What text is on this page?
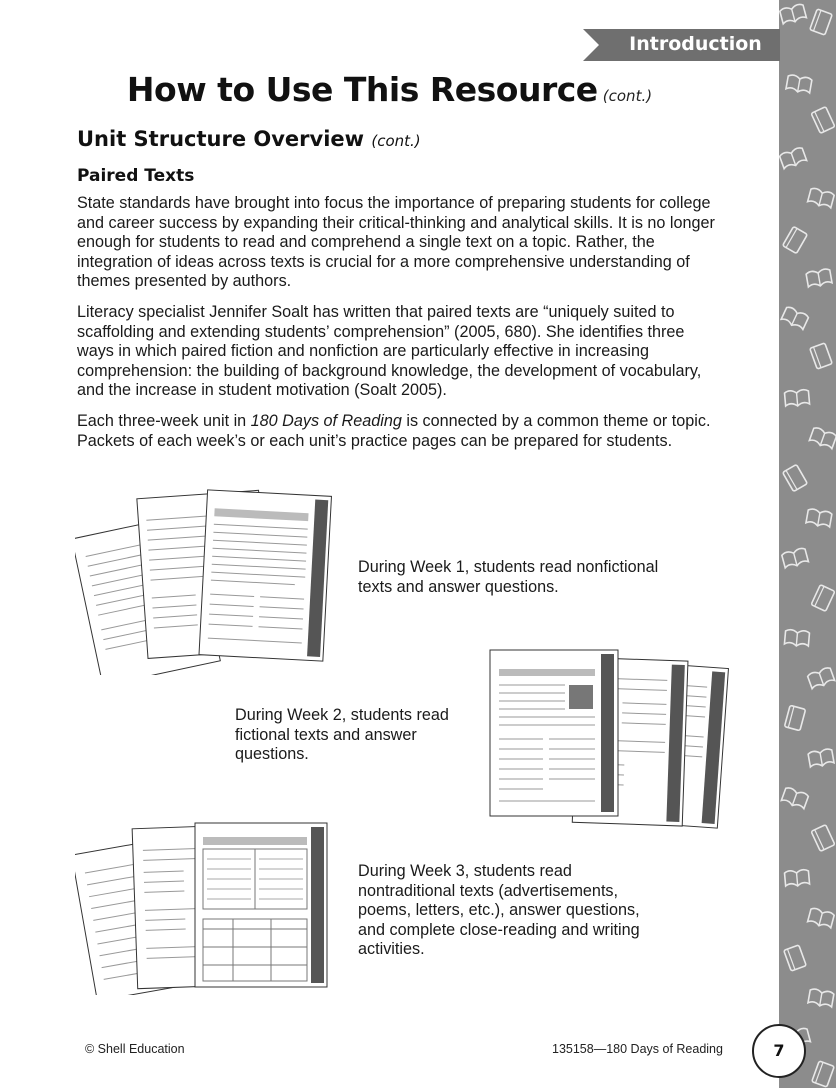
Introduction
How to Use This Resource (cont.)
Unit Structure Overview (cont.)
Paired Texts

State standards have brought into focus the importance of preparing students for college and career success by expanding their critical-thinking and analytical skills. It is no longer enough for students to read and comprehend a single text on a topic. Rather, the integration of ideas across texts is crucial for a more comprehensive understanding of themes presented by authors.

Literacy specialist Jennifer Soalt has written that paired texts are “uniquely suited to scaffolding and extending students’ comprehension” (2005, 680). She identifies three ways in which paired fiction and nonfiction are particularly effective in increasing comprehension: the building of background knowledge, the development of vocabulary, and the increase in student motivation (Soalt 2005).

Each three-week unit in 180 Days of Reading is connected by a common theme or topic. Packets of each week’s or each unit’s practice pages can be prepared for students.

During Week 1, students read nonfictional texts and answer questions.

During Week 2, students read fictional texts and answer questions.

During Week 3, students read nontraditional texts (advertisements, poems, letters, etc.), answer questions, and complete close-reading and writing activities.

© Shell Education	135158—180 Days of Reading	7
